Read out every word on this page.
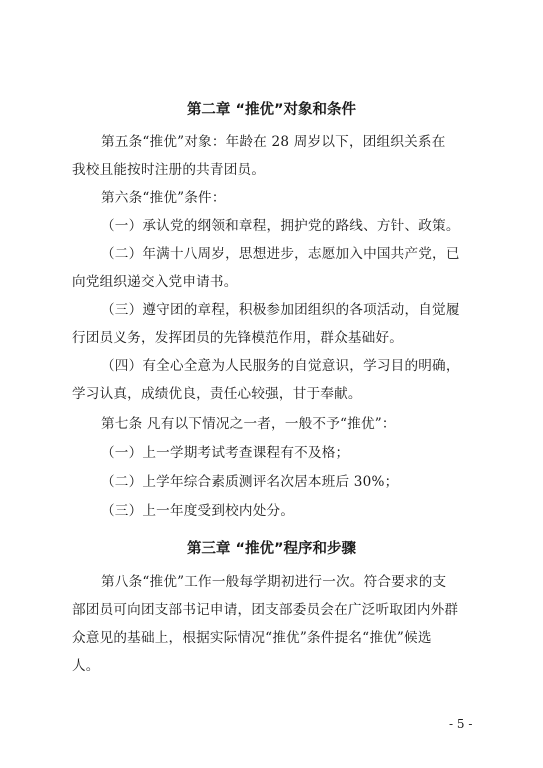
第二章 “推优”对象和条件
第五条“推优”对象：年龄在 28 周岁以下，团组织关系在
我校且能按时注册的共青团员。
第六条“推优”条件：
（一）承认党的纲领和章程，拥护党的路线、方针、政策。
（二）年满十八周岁，思想进步，志愿加入中国共产党，已
向党组织递交入党申请书。
（三）遵守团的章程，积极参加团组织的各项活动，自觉履
行团员义务，发挥团员的先锋模范作用，群众基础好。
（四）有全心全意为人民服务的自觉意识，学习目的明确，
学习认真，成绩优良，责任心较强，甘于奉献。
第七条 凡有以下情况之一者，一般不予“推优”：
（一）上一学期考试考查课程有不及格；
（二）上学年综合素质测评名次居本班后 30%；
（三）上一年度受到校内处分。
第三章 “推优”程序和步骤
第八条“推优”工作一般每学期初进行一次。符合要求的支
部团员可向团支部书记申请，团支部委员会在广泛听取团内外群
众意见的基础上，根据实际情况“推优”条件提名“推优”候选
人。
- 5 -
